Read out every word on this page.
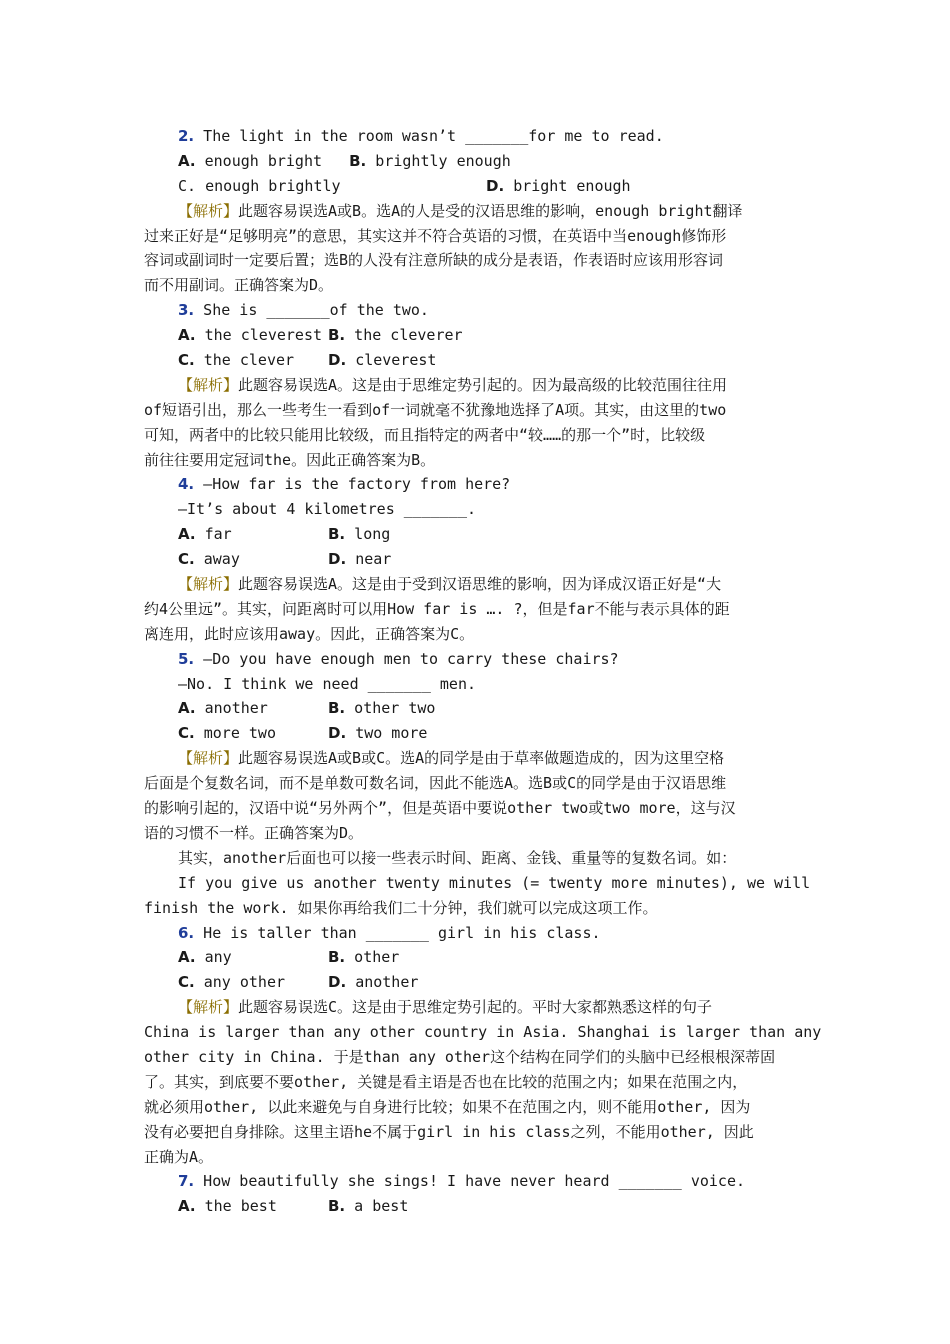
2. The light in the room wasn’t _______for me to read.
A. enough bright B. brightly enough
C. enough brightly	D. bright enough
【解析】此题容易误选A或B。选A的人是受的汉语思维的影响，enough bright翻译
过来正好是“足够明亮”的意思，其实这并不符合英语的习惯，在英语中当enough修饰形
容词或副词时一定要后置；选B的人没有注意所缺的成分是表语，作表语时应该用形容词
而不用副词。正确答案为D。
3. She is _______of the two.
A. the cleverest B. the cleverer
C. the clever D. cleverest
【解析】此题容易误选A。这是由于思维定势引起的。因为最高级的比较范围往往用
of短语引出，那么一些考生一看到of一词就毫不犹豫地选择了A项。其实，由这里的two
可知，两者中的比较只能用比较级，而且指特定的两者中“较……的那一个”时，比较级
前往往要用定冠词the。因此正确答案为B。
4. —How far is the factory from here?
—It’s about 4 kilometres _______.
A. far	B. long
C. away	D. near
【解析】此题容易误选A。这是由于受到汉语思维的影响，因为译成汉语正好是“大
约4公里远”。其实，问距离时可以用How far is …. ?，但是far不能与表示具体的距
离连用，此时应该用away。因此，正确答案为C。
5. —Do you have enough men to carry these chairs?
—No. I think we need _______ men.
A. another	B. other two
C. more two	D. two more
【解析】此题容易误选A或B或C。选A的同学是由于草率做题造成的，因为这里空格
后面是个复数名词，而不是单数可数名词，因此不能选A。选B或C的同学是由于汉语思维
的影响引起的，汉语中说“另外两个”，但是英语中要说other two或two more，这与汉
语的习惯不一样。正确答案为D。
其实，another后面也可以接一些表示时间、距离、金钱、重量等的复数名词。如：
If you give us another twenty minutes (= twenty more minutes), we will
finish the work. 如果你再给我们二十分钟，我们就可以完成这项工作。
6. He is taller than _______ girl in his class.
A. any	B. other
C. any other	D. another
【解析】此题容易误选C。这是由于思维定势引起的。平时大家都熟悉这样的句子
China is larger than any other country in Asia. Shanghai is larger than any
other city in China. 于是than any other这个结构在同学们的头脑中已经根根深蒂固
了。其实，到底要不要other, 关键是看主语是否也在比较的范围之内；如果在范围之内，
就必须用other, 以此来避免与自身进行比较；如果不在范围之内，则不能用other, 因为
没有必要把自身排除。这里主语he不属于girl in his class之列，不能用other, 因此
正确为A。
7. How beautifully she sings! I have never heard _______ voice.
A. the best	B. a best
